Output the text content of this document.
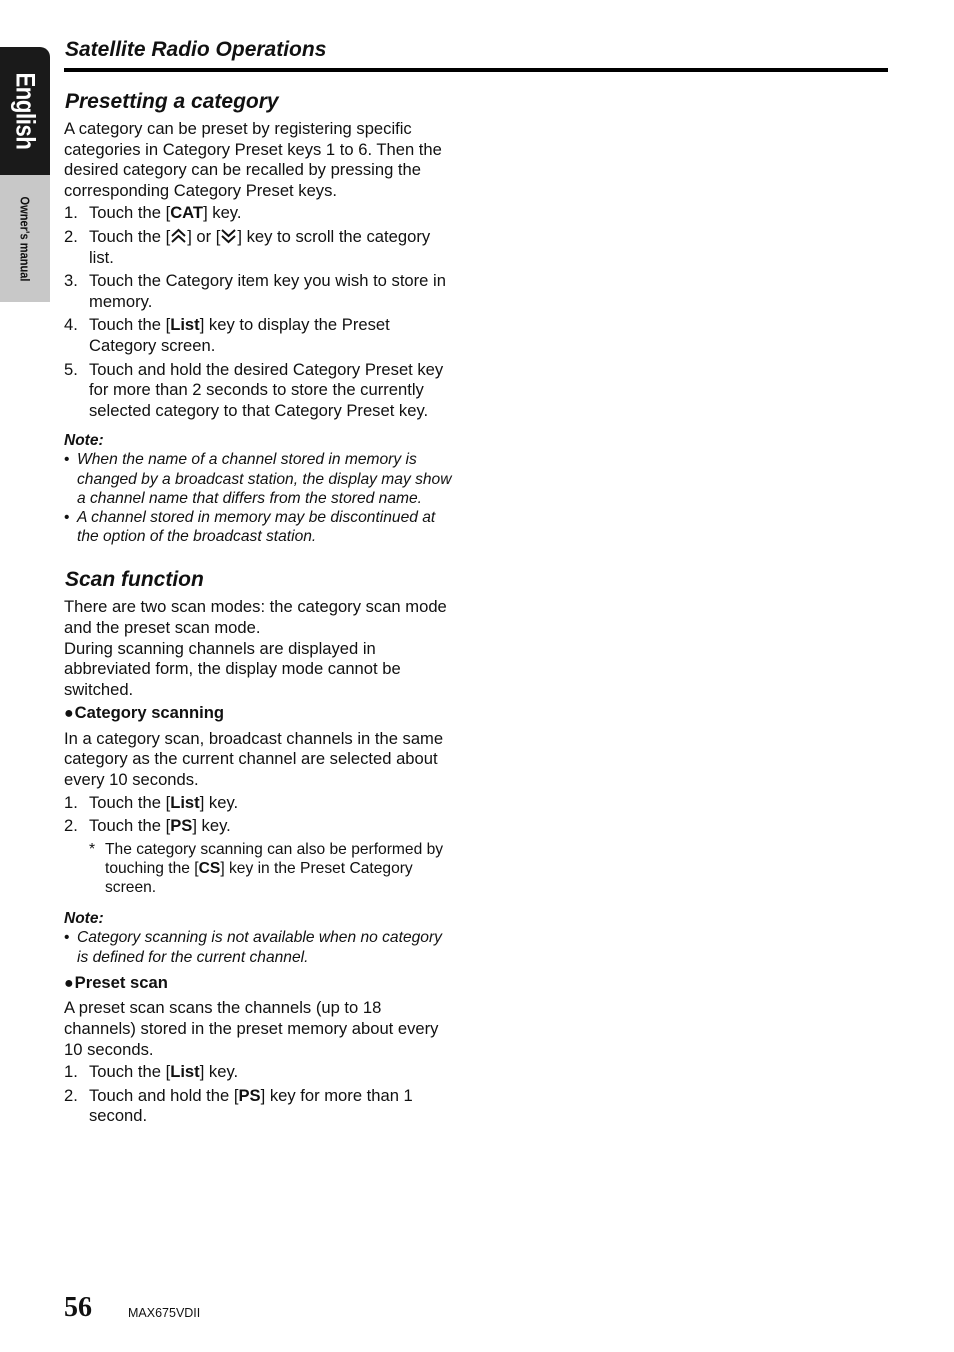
English
Owner's manual
Satellite Radio Operations
Presetting a category

A category can be preset by registering specific categories in Category Preset keys 1 to 6. Then the desired category can be recalled by pressing the corresponding Category Preset keys.

1. Touch the [CAT] key.
2. Touch the [ ] or [ ] key to scroll the category list.
3. Touch the Category item key you wish to store in memory.
4. Touch the [List] key to display the Preset Category screen.
5. Touch and hold the desired Category Preset key for more than 2 seconds to store the currently selected category to that Category Preset key.

Note:

• When the name of a channel stored in memory is changed by a broadcast station, the display may show a channel name that differs from the stored name.
• A channel stored in memory may be discontinued at the option of the broadcast station.
Scan function

There are two scan modes: the category scan mode and the preset scan mode.

During scanning channels are displayed in abbreviated form, the display mode cannot be switched.

●Category scanning

In a category scan, broadcast channels in the same category as the current channel are selected about every 10 seconds.

1. Touch the [List] key.
2. Touch the [PS] key.

* The category scanning can also be performed by touching the [CS] key in the Preset Category screen.

Note:

• Category scanning is not available when no category is defined for the current channel.

●Preset scan

A preset scan scans the channels (up to 18 channels) stored in the preset memory about every 10 seconds.

1. Touch the [List] key.
2. Touch and hold the [PS] key for more than 1 second.
56	MAX675VDII
